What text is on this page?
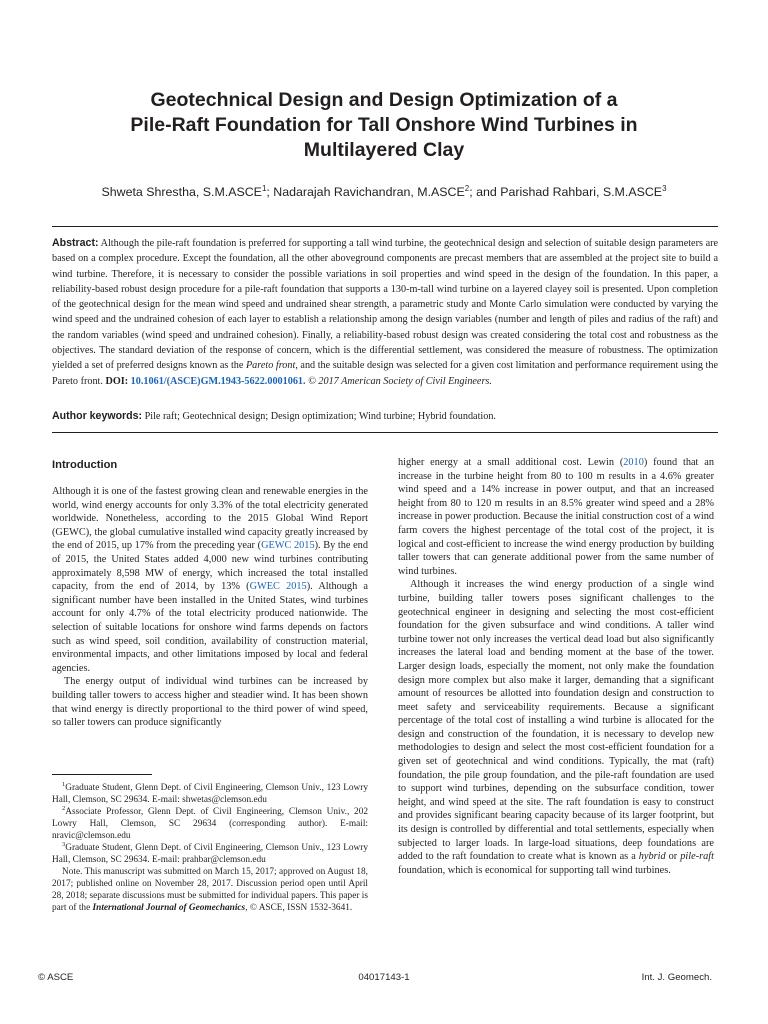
Geotechnical Design and Design Optimization of a
Pile-Raft Foundation for Tall Onshore Wind Turbines in
Multilayered Clay
Shweta Shrestha, S.M.ASCE$^1$; Nadarajah Ravichandran, M.ASCE$^2$; and Parishad Rahbari, S.M.ASCE$^3$
Abstract: Although the pile-raft foundation is preferred for supporting a tall wind turbine, the geotechnical design and selection of suitable design parameters are based on a complex procedure. Except the foundation, all the other aboveground components are precast members that are assembled at the project site to build a wind turbine. Therefore, it is necessary to consider the possible variations in soil properties and wind speed in the design of the foundation. In this paper, a reliability-based robust design procedure for a pile-raft foundation that supports a 130-m-tall wind turbine on a layered clayey soil is presented. Upon completion of the geotechnical design for the mean wind speed and undrained shear strength, a parametric study and Monte Carlo simulation were conducted by varying the wind speed and the undrained cohesion of each layer to establish a relationship among the design variables (number and length of piles and radius of the raft) and the random variables (wind speed and undrained cohesion). Finally, a reliability-based robust design was created considering the total cost and robustness as the objectives. The standard deviation of the response of concern, which is the differential settlement, was considered the measure of robustness. The optimization yielded a set of preferred designs known as the Pareto front, and the suitable design was selected for a given cost limitation and performance requirement using the Pareto front. DOI: 10.1061/(ASCE)GM.1943-5622.0001061. © 2017 American Society of Civil Engineers.
Author keywords: Pile raft; Geotechnical design; Design optimization; Wind turbine; Hybrid foundation.
Introduction

Although it is one of the fastest growing clean and renewable energies in the world, wind energy accounts for only 3.3% of the total electricity generated worldwide. Nonetheless, according to the 2015 Global Wind Report (GEWC), the global cumulative installed wind capacity greatly increased by the end of 2015, up 17% from the preceding year (GEWC 2015). By the end of 2015, the United States added 4,000 new wind turbines contributing approximately 8,598 MW of energy, which increased the total installed capacity, from the end of 2014, by 13% (GWEC 2015). Although a significant number have been installed in the United States, wind turbines account for only 4.7% of the total electricity produced nationwide. The selection of suitable locations for onshore wind farms depends on factors such as wind speed, soil condition, availability of construction material, environmental impacts, and other limitations imposed by local and federal agencies.

The energy output of individual wind turbines can be increased by building taller towers to access higher and steadier wind. It has been shown that wind energy is directly proportional to the third power of wind speed, so taller towers can produce significantly

$^1$Graduate Student, Glenn Dept. of Civil Engineering, Clemson Univ., 123 Lowry Hall, Clemson, SC 29634. E-mail: shwetas@clemson.edu

$^2$Associate Professor, Glenn Dept. of Civil Engineering, Clemson Univ., 202 Lowry Hall, Clemson, SC 29634 (corresponding author). E-mail: nravic@clemson.edu

$^3$Graduate Student, Glenn Dept. of Civil Engineering, Clemson Univ., 123 Lowry Hall, Clemson, SC 29634. E-mail: prahbar@clemson.edu

Note. This manuscript was submitted on March 15, 2017; approved on August 18, 2017; published online on November 28, 2017. Discussion period open until April 28, 2018; separate discussions must be submitted for individual papers. This paper is part of the International Journal of Geomechanics, © ASCE, ISSN 1532-3641.

higher energy at a small additional cost. Lewin (2010) found that an increase in the turbine height from 80 to 100 m results in a 4.6% greater wind speed and a 14% increase in power output, and that an increased height from 80 to 120 m results in an 8.5% greater wind speed and a 28% increase in power production. Because the initial construction cost of a wind farm covers the highest percentage of the total cost of the project, it is logical and cost-efficient to increase the wind energy production by building taller towers that can generate additional power from the same number of wind turbines.

Although it increases the wind energy production of a single wind turbine, building taller towers poses significant challenges to the geotechnical engineer in designing and selecting the most cost-efficient foundation for the given subsurface and wind conditions. A taller wind turbine tower not only increases the vertical dead load but also significantly increases the lateral load and bending moment at the base of the tower. Larger design loads, especially the moment, not only make the foundation design more complex but also make it larger, demanding that a significant amount of resources be allotted into foundation design and construction to meet safety and serviceability requirements. Because a significant percentage of the total cost of installing a wind turbine is allocated for the design and construction of the foundation, it is necessary to develop new methodologies to design and select the most cost-efficient foundation for a given set of geotechnical and wind conditions. Typically, the mat (raft) foundation, the pile group foundation, and the pile-raft foundation are used to support wind turbines, depending on the subsurface condition, tower height, and wind speed at the site. The raft foundation is easy to construct and provides significant bearing capacity because of its larger footprint, but its design is controlled by differential and total settlements, especially when subjected to larger loads. In large-load situations, deep foundations are added to the raft foundation to create what is known as a hybrid or pile-raft foundation, which is economical for supporting tall wind turbines.

© ASCE	04017143-1	Int. J. Geomech.
